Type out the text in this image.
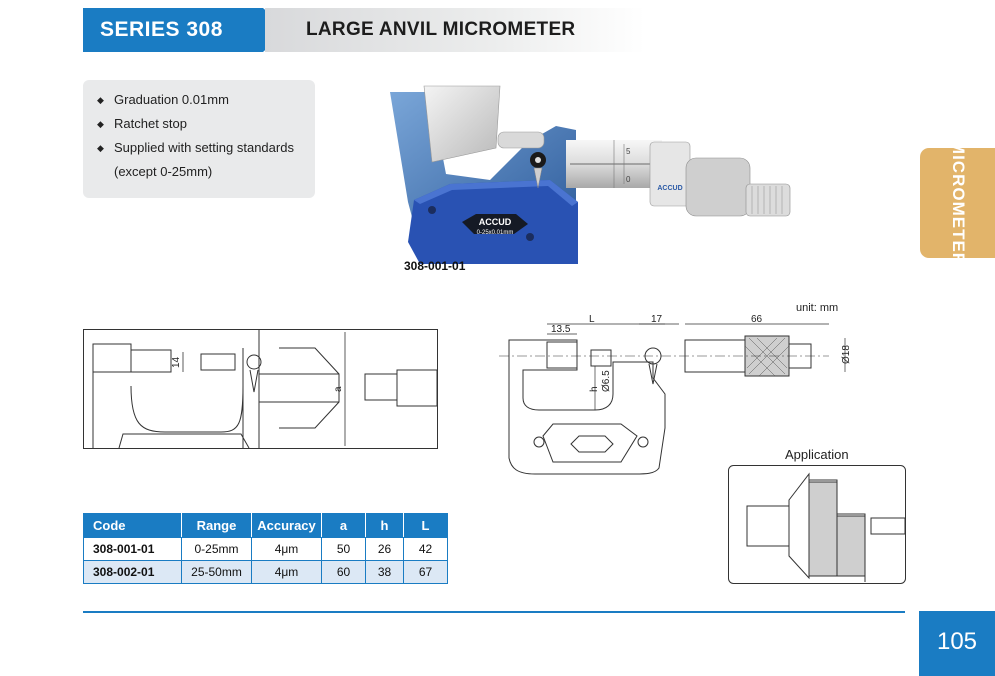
SERIES 308	LARGE ANVIL MICROMETER
◆ Graduation 0.01mm
◆ Ratchet stop
◆ Supplied with setting standards
(except 0-25mm)
ACCUD
0-25x0.01mm
5
0
ACCUD
308-001-01	MICROMETER
14
a
unit: mm
13.5
L	17	66
Ø18
Ø6.5
h
Application
Code	Range	Accuracy	a	h	L
308-001-01	0-25mm	4μm	50	26	42
308-002-01	25-50mm	4μm	60	38	67
105
